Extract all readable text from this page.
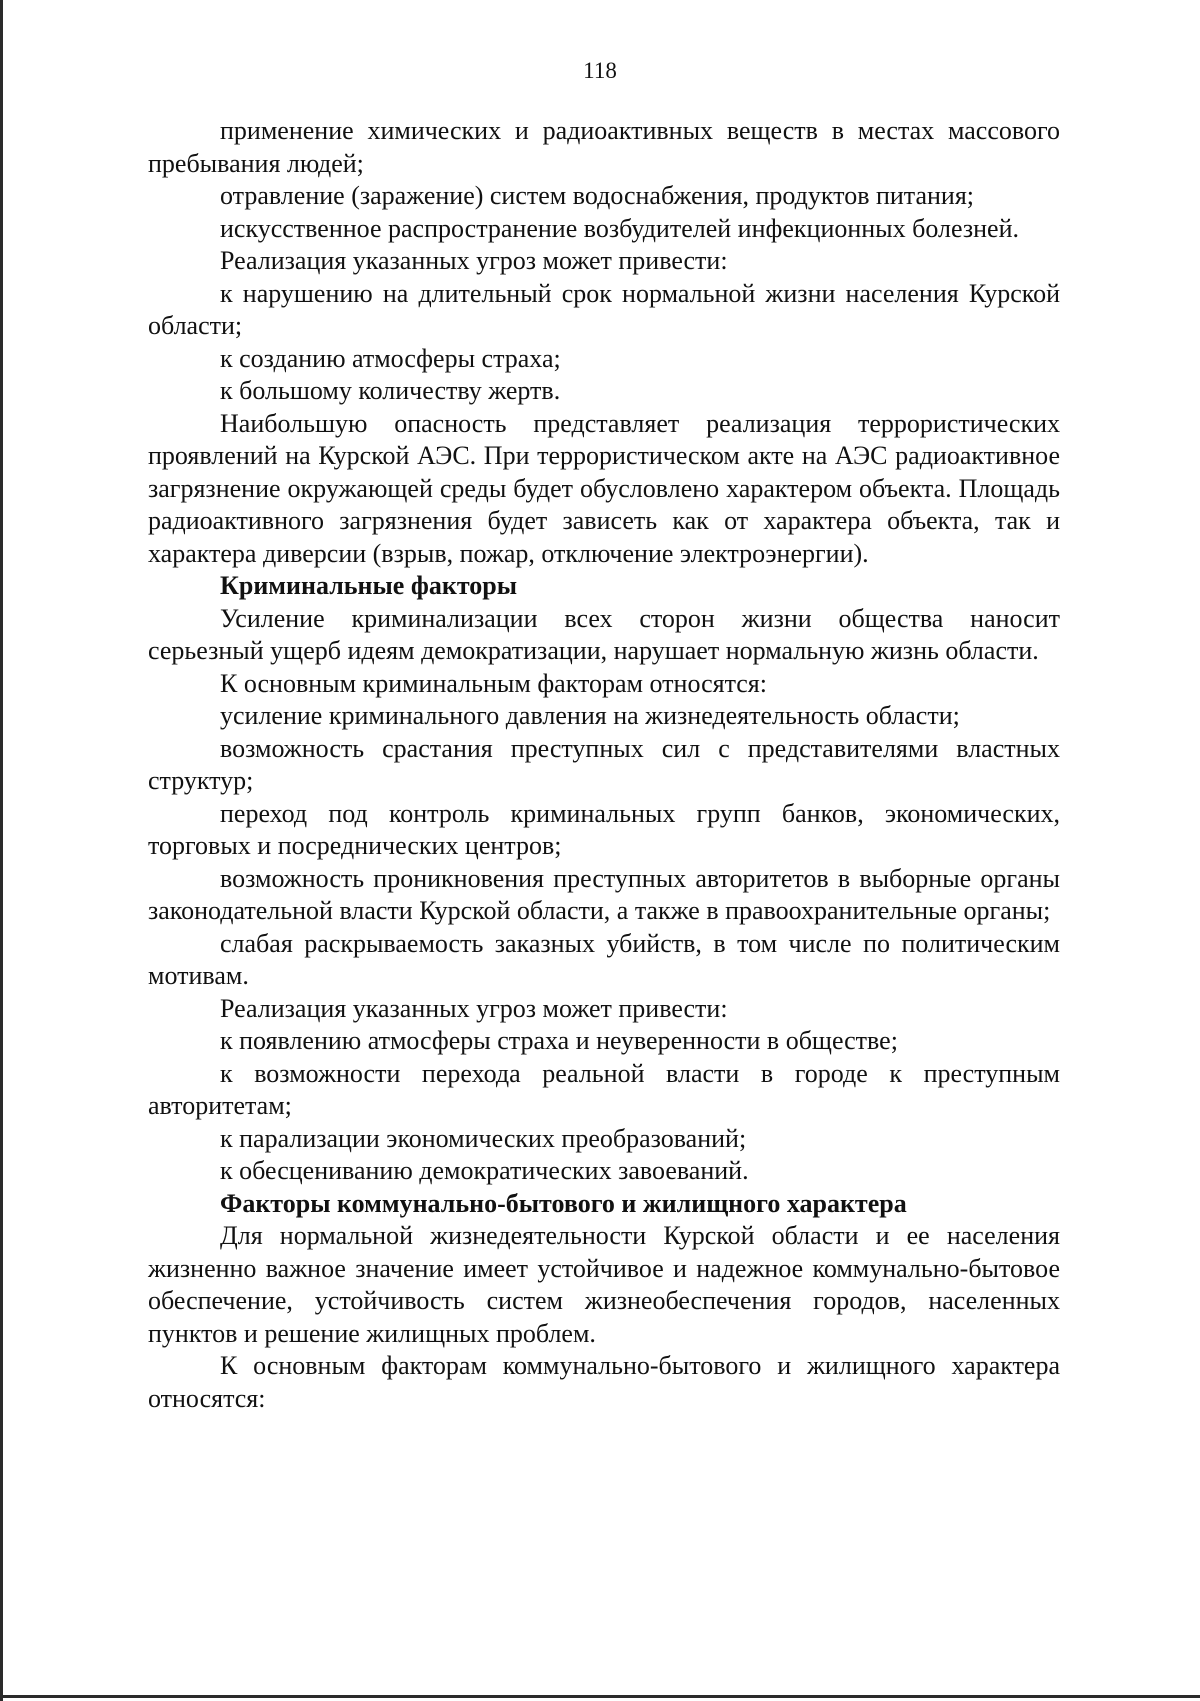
118

применение химических и радиоактивных веществ в местах массового пребывания людей;

отравление (заражение) систем водоснабжения, продуктов питания;

искусственное распространение возбудителей инфекционных болезней.

Реализация указанных угроз может привести:

к нарушению на длительный срок нормальной жизни населения Курской области;

к созданию атмосферы страха;

к большому количеству жертв.

Наибольшую опасность представляет реализация террористических проявлений на Курской АЭС. При террористическом акте на АЭС радиоактивное загрязнение окружающей среды будет обусловлено характером объекта. Площадь радиоактивного загрязнения будет зависеть как от характера объекта, так и характера диверсии (взрыв, пожар, отключение электроэнергии).

Криминальные факторы

Усиление криминализации всех сторон жизни общества наносит серьезный ущерб идеям демократизации, нарушает нормальную жизнь области.

К основным криминальным факторам относятся:

усиление криминального давления на жизнедеятельность области;

возможность срастания преступных сил с представителями властных структур;

переход под контроль криминальных групп банков, экономических, торговых и посреднических центров;

возможность проникновения преступных авторитетов в выборные органы законодательной власти Курской области, а также в правоохранительные органы;

слабая раскрываемость заказных убийств, в том числе по политическим мотивам.

Реализация указанных угроз может привести:

к появлению атмосферы страха и неуверенности в обществе;

к возможности перехода реальной власти в городе к преступным авторитетам;

к парализации экономических преобразований;

к обесцениванию демократических завоеваний.

Факторы коммунально-бытового и жилищного характера

Для нормальной жизнедеятельности Курской области и ее населения жизненно важное значение имеет устойчивое и надежное коммунально-бытовое обеспечение, устойчивость систем жизнеобеспечения городов, населенных пунктов и решение жилищных проблем.

К основным факторам коммунально-бытового и жилищного характера относятся:
